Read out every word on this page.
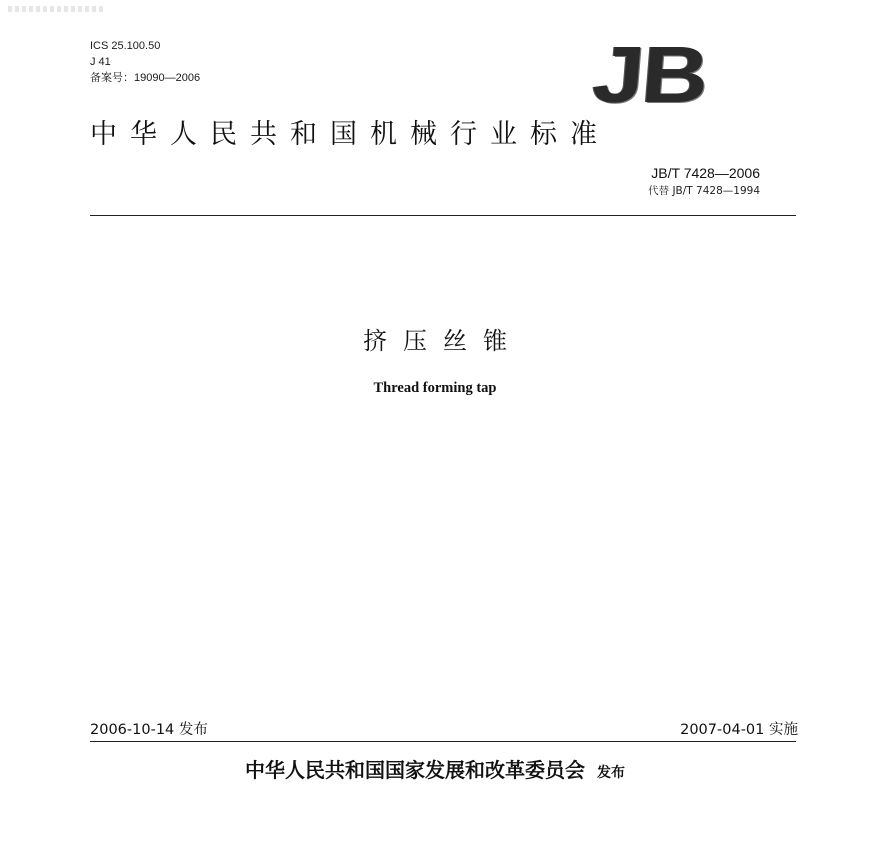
ICS 25.100.50
J 41
备案号：19090—2006	JB
中华人民共和国机械行业标准
JB/T 7428—2006
代替 JB/T 7428—1994
挤压丝锥
Thread forming tap
2006-10-14 发布	2007-04-01 实施
中华人民共和国国家发展和改革委员会 发布
